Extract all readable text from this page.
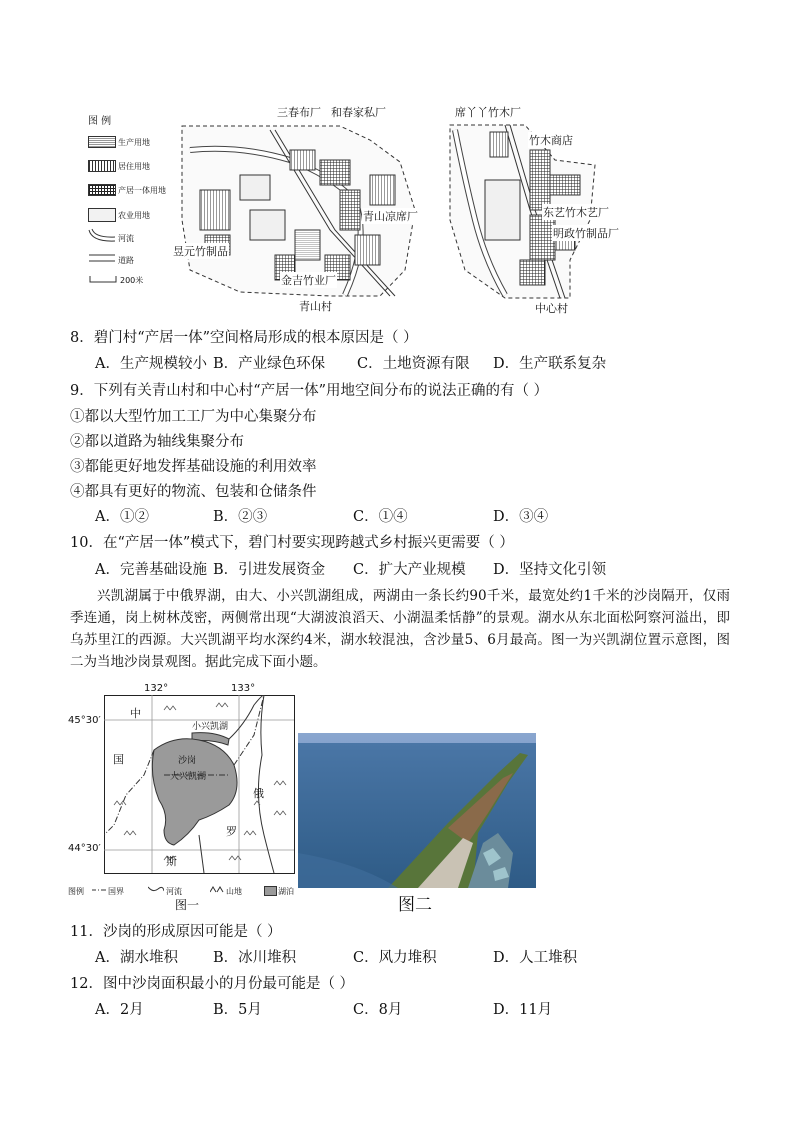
图 例
生产用地
居住用地
产居一体用地
农业用地
河流
道路
200米
三春布厂 和春家私厂
青山凉席厂
昱元竹制品
金吉竹业厂
青山村
席丫丫竹木厂
竹木商店
东艺竹木艺厂
明政竹制品厂
中心村
8．碧门村“产居一体”空间格局形成的根本原因是（ ）
A．生产规模较小 B．产业绿色环保 C．土地资源有限 D．生产联系复杂
9．下列有关青山村和中心村“产居一体”用地空间分布的说法正确的有（ ）
①都以大型竹加工工厂为中心集聚分布
②都以道路为轴线集聚分布
③都能更好地发挥基础设施的利用效率
④都具有更好的物流、包装和仓储条件
A．①②	B．②③	C．①④	D．③④
10．在“产居一体”模式下，碧门村要实现跨越式乡村振兴更需要（ ）
A．完善基础设施 B．引进发展资金 C．扩大产业规模 D．坚持文化引领
兴凯湖属于中俄界湖，由大、小兴凯湖组成，两湖由一条长约90千米，最宽处约1千米的沙岗隔开，仅雨季连通，岗上树林茂密，两侧常出现“大湖波浪滔天、小湖温柔恬静”的景观。湖水从东北面松阿察河溢出，即乌苏里江的西源。大兴凯湖平均水深约4米，湖水较混浊，含沙量5、6月最高。图一为兴凯湖位置示意图，图二为当地沙岗景观图。据此完成下面小题。
132°	133°
45°30′
44°30′
中
国
小兴凯湖
沙岗
大兴凯湖
俄
罗
斯
图例	国界	河流	山地	湖泊
图一	图二
11．沙岗的形成原因可能是（ ）
A．湖水堆积 B．冰川堆积	C．风力堆积	D．人工堆积
12．图中沙岗面积最小的月份最可能是（ ）
A．2月	B．5月	C．8月	D．11月
